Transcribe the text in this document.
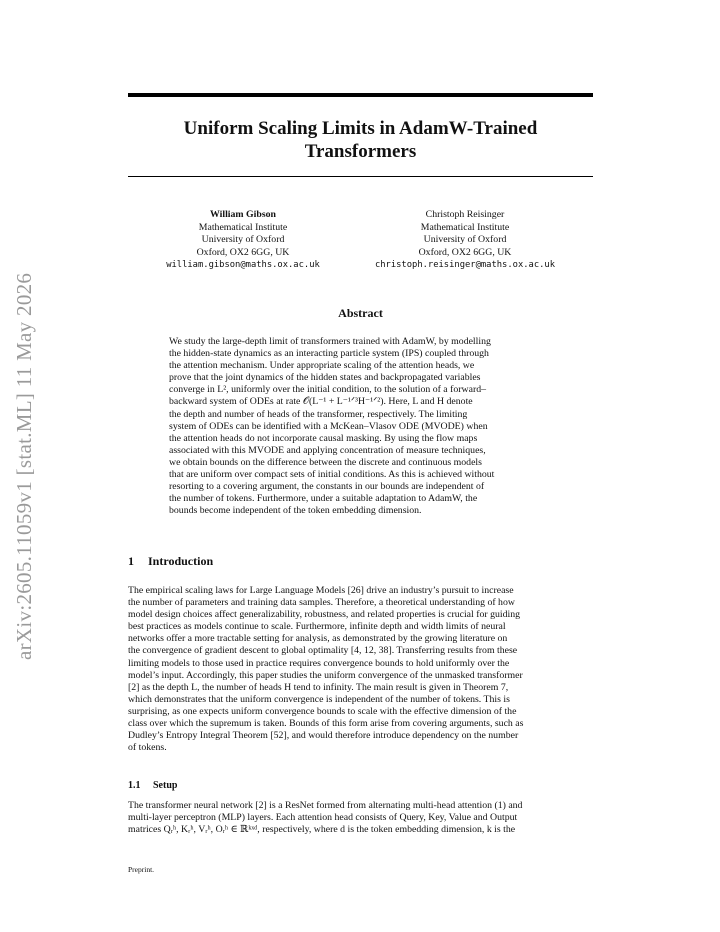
arXiv:2605.11059v1 [stat.ML] 11 May 2026
Uniform Scaling Limits in AdamW-Trained
Transformers
William Gibson
Mathematical Institute
University of Oxford
Oxford, OX2 6GG, UK
william.gibson@maths.ox.ac.uk
Christoph Reisinger
Mathematical Institute
University of Oxford
Oxford, OX2 6GG, UK
christoph.reisinger@maths.ox.ac.uk
Abstract
We study the large-depth limit of transformers trained with AdamW, by modelling
the hidden-state dynamics as an interacting particle system (IPS) coupled through
the attention mechanism. Under appropriate scaling of the attention heads, we
prove that the joint dynamics of the hidden states and backpropagated variables
converge in L², uniformly over the initial condition, to the solution of a forward–
backward system of ODEs at rate 𝒪(L⁻¹ + L⁻¹ᐟ³H⁻¹ᐟ²). Here, L and H denote
the depth and number of heads of the transformer, respectively. The limiting
system of ODEs can be identified with a McKean–Vlasov ODE (MVODE) when
the attention heads do not incorporate causal masking. By using the flow maps
associated with this MVODE and applying concentration of measure techniques,
we obtain bounds on the difference between the discrete and continuous models
that are uniform over compact sets of initial conditions. As this is achieved without
resorting to a covering argument, the constants in our bounds are independent of
the number of tokens. Furthermore, under a suitable adaptation to AdamW, the
bounds become independent of the token embedding dimension.
1 Introduction
The empirical scaling laws for Large Language Models [26] drive an industry’s pursuit to increase
the number of parameters and training data samples. Therefore, a theoretical understanding of how
model design choices affect generalizability, robustness, and related properties is crucial for guiding
best practices as models continue to scale. Furthermore, infinite depth and width limits of neural
networks offer a more tractable setting for analysis, as demonstrated by the growing literature on
the convergence of gradient descent to global optimality [4, 12, 38]. Transferring results from these
limiting models to those used in practice requires convergence bounds to hold uniformly over the
model’s input. Accordingly, this paper studies the uniform convergence of the unmasked transformer
[2] as the depth L, the number of heads H tend to infinity. The main result is given in Theorem 7,
which demonstrates that the uniform convergence is independent of the number of tokens. This is
surprising, as one expects uniform convergence bounds to scale with the effective dimension of the
class over which the supremum is taken. Bounds of this form arise from covering arguments, such as
Dudley’s Entropy Integral Theorem [52], and would therefore introduce dependency on the number
of tokens.
1.1 Setup
The transformer neural network [2] is a ResNet formed from alternating multi-head attention (1) and
multi-layer perceptron (MLP) layers. Each attention head consists of Query, Key, Value and Output
matrices Qᵣʰ, Kᵣʰ, Vᵣʰ, Oᵣʰ ∈ ℝᵏˣᵈ, respectively, where d is the token embedding dimension, k is the
Preprint.
